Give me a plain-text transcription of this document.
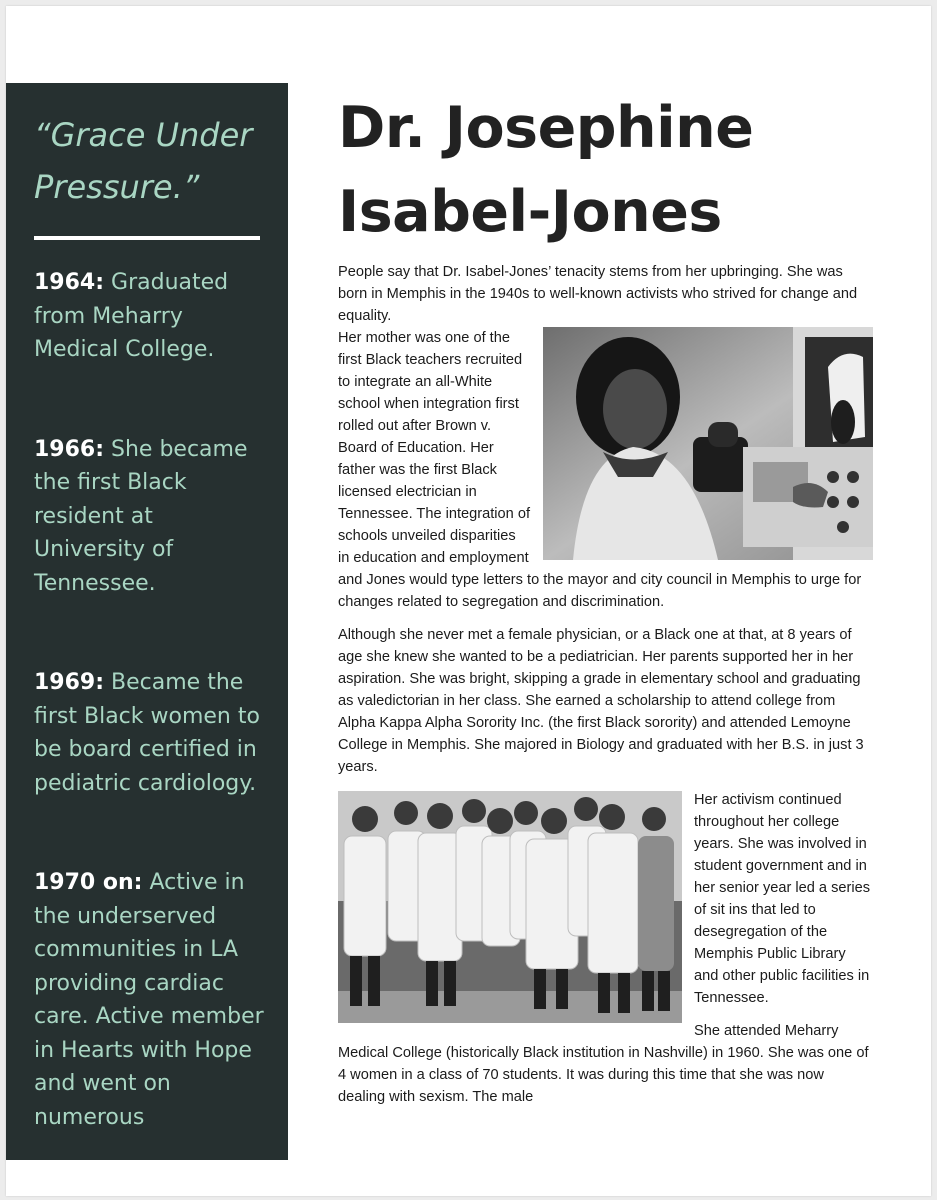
“Grace Under Pressure.”

1964: Graduated from Meharry Medical College.

1966: She became the first Black resident at University of Tennessee.

1969: Became the first Black women to be board certified in pediatric cardiology.

1970 on: Active in the underserved communities in LA providing cardiac care. Active member in Hearts with Hope and went on numerous

Dr. Josephine Isabel-Jones

People say that Dr. Isabel-Jones’ tenacity stems from her upbringing. She was born in Memphis in the 1940s to well-known activists who strived for change and equality.

Her mother was one of the first Black teachers recruited to integrate an all-White school when integration first rolled out after Brown v. Board of Education. Her father was the first Black licensed electrician in Tennessee. The integration of schools unveiled disparities in education and employment and Jones would type letters to the mayor and city council in Memphis to urge for changes related to segregation and discrimination.

Although she never met a female physician, or a Black one at that, at 8 years of age she knew she wanted to be a pediatrician. Her parents supported her in her aspiration. She was bright, skipping a grade in elementary school and graduating as valedictorian in her class. She earned a scholarship to attend college from Alpha Kappa Alpha Sorority Inc. (the first Black sorority) and attended Lemoyne College in Memphis. She majored in Biology and graduated with her B.S. in just 3 years.

Her activism continued throughout her college years. She was involved in student government and in her senior year led a series of sit ins that led to desegregation of the Memphis Public Library and other public facilities in Tennessee.

She attended Meharry Medical College (historically Black institution in Nashville) in 1960. She was one of 4 women in a class of 70 students. It was during this time that she was now dealing with sexism. The male
